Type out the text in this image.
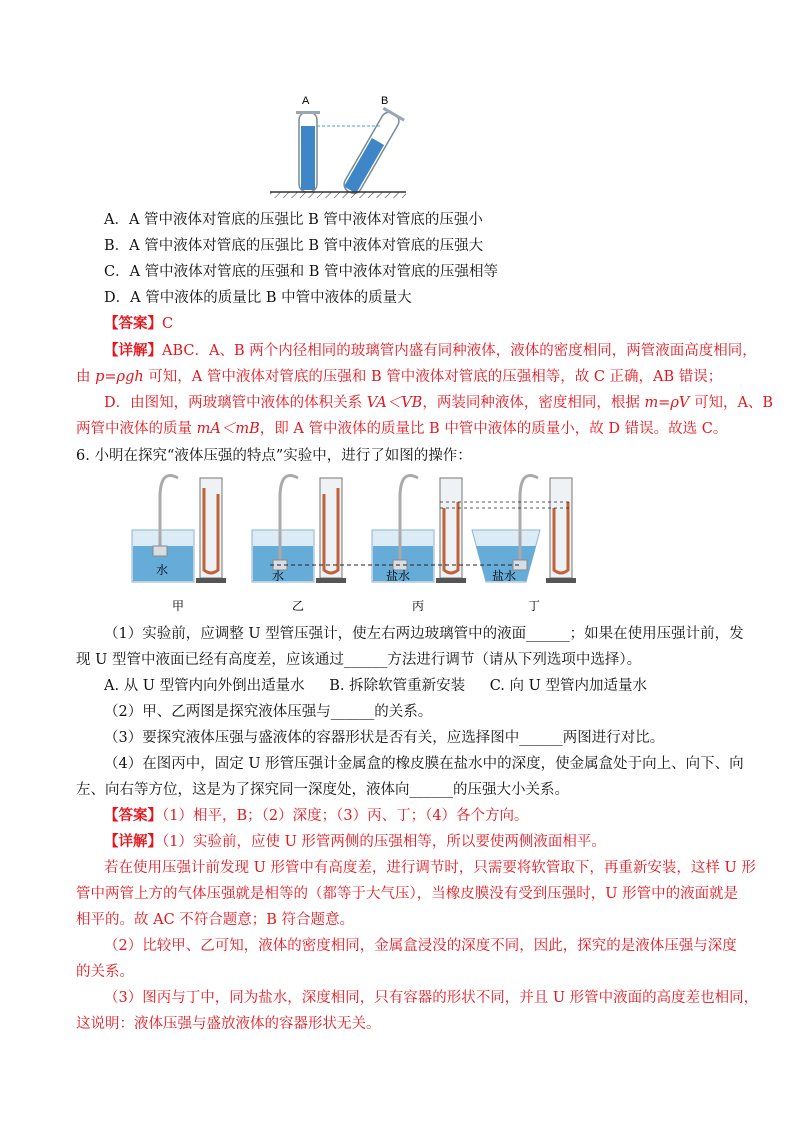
A	B
A．A 管中液体对管底的压强比 B 管中液体对管底的压强小
B．A 管中液体对管底的压强比 B 管中液体对管底的压强大
C．A 管中液体对管底的压强和 B 管中液体对管底的压强相等
D．A 管中液体的质量比 B 中管中液体的质量大
【答案】C
【详解】ABC．A、B 两个内径相同的玻璃管内盛有同种液体，液体的密度相同，两管液面高度相同，
由 p=ρgh 可知，A 管中液体对管底的压强和 B 管中液体对管底的压强相等，故 C 正确，AB 错误；
D．由图知，两玻璃管中液体的体积关系 VA＜VB，两装同种液体，密度相同，根据 m=ρV 可知，A、B
两管中液体的质量 mA＜mB，即 A 管中液体的质量比 B 中管中液体的质量小，故 D 错误。故选 C。
6. 小明在探究“液体压强的特点”实验中，进行了如图的操作：
水	水	盐水	盐水
甲	乙	丙	丁
（1）实验前，应调整 U 型管压强计，使左右两边玻璃管中的液面______；如果在使用压强计前，发
现 U 型管中液面已经有高度差，应该通过______方法进行调节（请从下列选项中选择）。
A. 从 U 型管内向外倒出适量水 B. 拆除软管重新安装 C. 向 U 型管内加适量水
（2）甲、乙两图是探究液体压强与______的关系。
（3）要探究液体压强与盛液体的容器形状是否有关，应选择图中______两图进行对比。
（4）在图丙中，固定 U 形管压强计金属盒的橡皮膜在盐水中的深度，使金属盒处于向上、向下、向
左、向右等方位，这是为了探究同一深度处，液体向______的压强大小关系。
【答案】（1）相平，B；（2）深度；（3）丙、丁；（4）各个方向。
【详解】（1）实验前，应使 U 形管两侧的压强相等，所以要使两侧液面相平。
若在使用压强计前发现 U 形管中有高度差，进行调节时，只需要将软管取下，再重新安装，这样 U 形
管中两管上方的气体压强就是相等的（都等于大气压），当橡皮膜没有受到压强时，U 形管中的液面就是
相平的。故 AC 不符合题意；B 符合题意。
（2）比较甲、乙可知，液体的密度相同，金属盒浸没的深度不同，因此，探究的是液体压强与深度
的关系。
（3）图丙与丁中，同为盐水，深度相同，只有容器的形状不同，并且 U 形管中液面的高度差也相同，
这说明：液体压强与盛放液体的容器形状无关。
